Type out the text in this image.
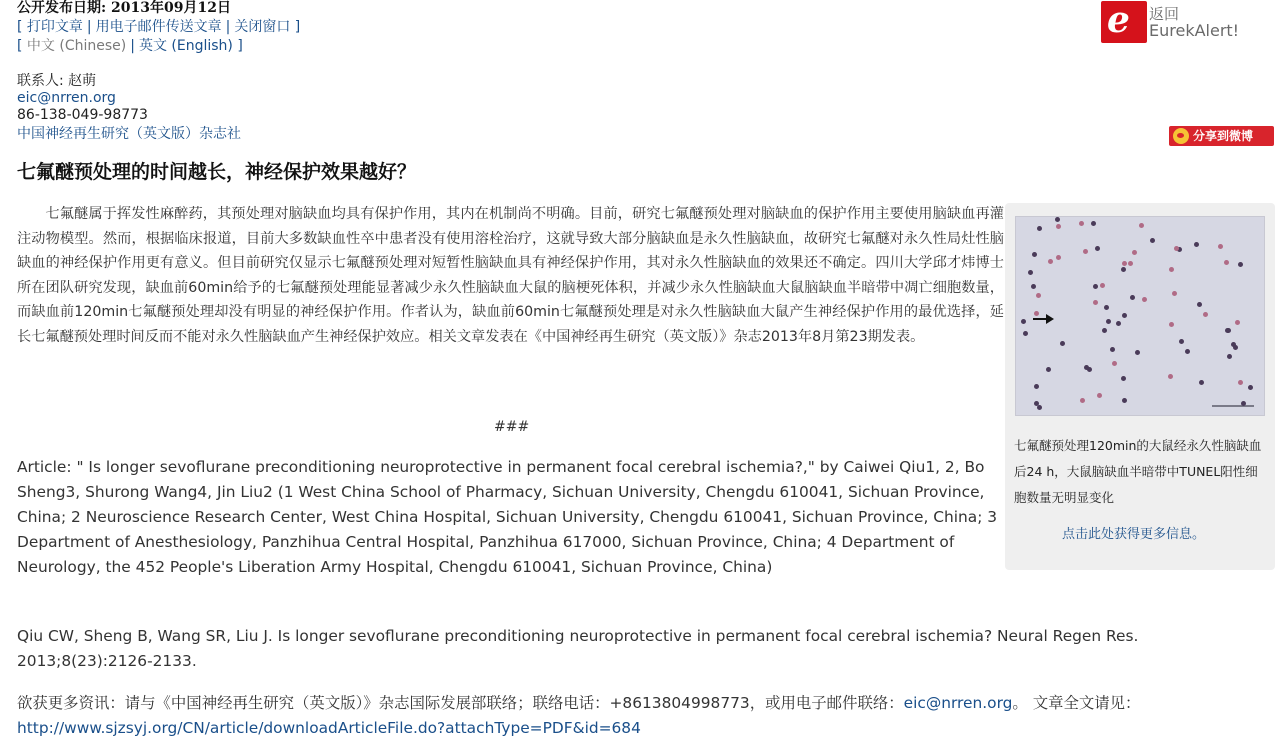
公开发布日期: 2013年09月12日
[ 打印文章 | 用电子邮件传送文章 | 关闭窗口 ]
[ 中文 (Chinese) | 英文 (English) ]
e 返回
EurekAlert!
联系人: 赵萌
eic@nrren.org
86-138-049-98773
中国神经再生研究（英文版）杂志社	分享到微博
七氟醚预处理的时间越长，神经保护效果越好？

七氟醚属于挥发性麻醉药，其预处理对脑缺血均具有保护作用，其内在机制尚不明确。目前，研究七氟醚预处理对脑缺血的保护作用主要使用脑缺血再灌注动物模型。然而，根据临床报道，目前大多数缺血性卒中患者没有使用溶栓治疗，这就导致大部分脑缺血是永久性脑缺血，故研究七氟醚对永久性局灶性脑缺血的神经保护作用更有意义。但目前研究仅显示七氟醚预处理对短暂性脑缺血具有神经保护作用，其对永久性脑缺血的效果还不确定。四川大学邱才炜博士所在团队研究发现，缺血前60min给予的七氟醚预处理能显著减少永久性脑缺血大鼠的脑梗死体积，并减少永久性脑缺血大鼠脑缺血半暗带中凋亡细胞数量，而缺血前120min七氟醚预处理却没有明显的神经保护作用。作者认为，缺血前60min七氟醚预处理是对永久性脑缺血大鼠产生神经保护作用的最优选择，延长七氟醚预处理时间反而不能对永久性脑缺血产生神经保护效应。相关文章发表在《中国神经再生研究（英文版）》杂志2013年8月第23期发表。

###

Article: " Is longer sevoflurane preconditioning neuroprotective in permanent focal cerebral ischemia?," by Caiwei Qiu1, 2, Bo Sheng3, Shurong Wang4, Jin Liu2 (1 West China School of Pharmacy, Sichuan University, Chengdu 610041, Sichuan Province, China; 2 Neuroscience Research Center, West China Hospital, Sichuan University, Chengdu 610041, Sichuan Province, China; 3 Department of Anesthesiology, Panzhihua Central Hospital, Panzhihua 617000, Sichuan Province, China; 4 Department of Neurology, the 452 People's Liberation Army Hospital, Chengdu 610041, Sichuan Province, China)

Qiu CW, Sheng B, Wang SR, Liu J. Is longer sevoflurane preconditioning neuroprotective in permanent focal cerebral ischemia? Neural Regen Res. 2013;8(23):2126-2133.

欲获更多资讯：请与《中国神经再生研究（英文版）》杂志国际发展部联络；联络电话：+8613804998773，或用电子邮件联络：eic@nrren.org。 文章全文请见：http://www.sjzsyj.org/CN/article/downloadArticleFile.do?attachType=PDF&id=684

七氟醚预处理120min的大鼠经永久性脑缺血后24 h，大鼠脑缺血半暗带中TUNEL阳性细胞数量无明显变化
点击此处获得更多信息。
